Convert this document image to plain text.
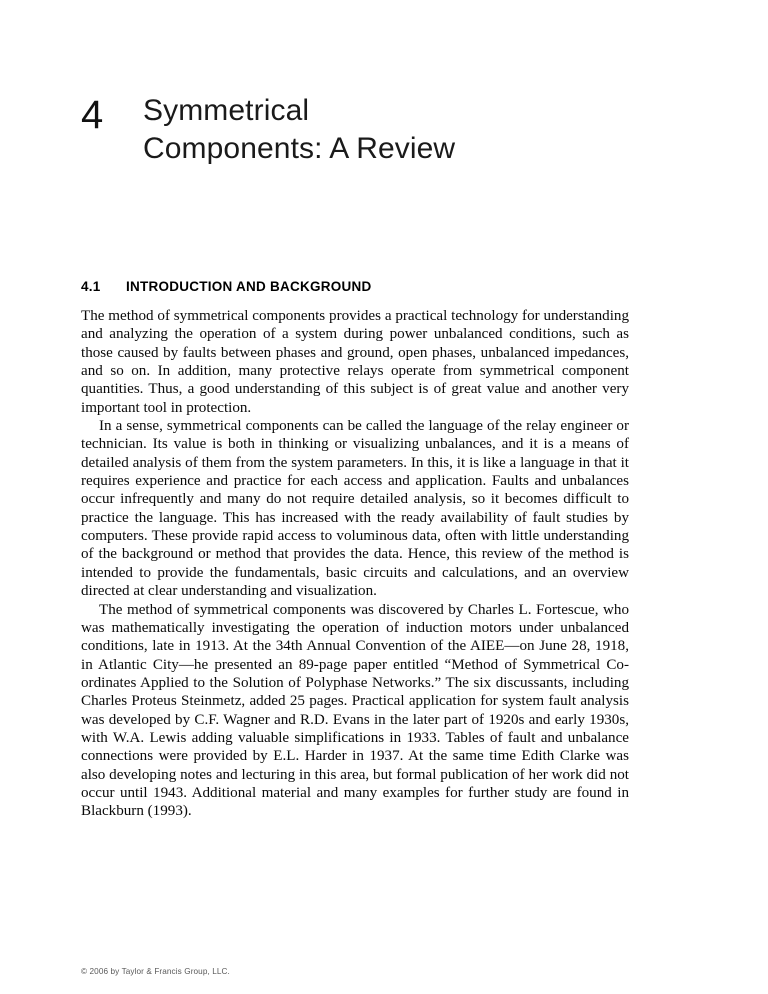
4	Symmetrical
Components: A Review
4.1 INTRODUCTION AND BACKGROUND

The method of symmetrical components provides a practical technology for understanding and analyzing the operation of a system during power unbalanced conditions, such as those caused by faults between phases and ground, open phases, unbalanced impedances, and so on. In addition, many protective relays operate from symmetrical component quantities. Thus, a good understanding of this subject is of great value and another very important tool in protection.

In a sense, symmetrical components can be called the language of the relay engineer or technician. Its value is both in thinking or visualizing unbalances, and it is a means of detailed analysis of them from the system parameters. In this, it is like a language in that it requires experience and practice for each access and application. Faults and unbalances occur infrequently and many do not require detailed analysis, so it becomes difficult to practice the language. This has increased with the ready availability of fault studies by computers. These provide rapid access to voluminous data, often with little understanding of the background or method that provides the data. Hence, this review of the method is intended to provide the fundamentals, basic circuits and calculations, and an overview directed at clear understanding and visualization.

The method of symmetrical components was discovered by Charles L. Fortescue, who was mathematically investigating the operation of induction motors under unbalanced conditions, late in 1913. At the 34th Annual Convention of the AIEE—on June 28, 1918, in Atlantic City—he presented an 89-page paper entitled “Method of Symmetrical Co-ordinates Applied to the Solution of Polyphase Networks.” The six discussants, including Charles Proteus Steinmetz, added 25 pages. Practical application for system fault analysis was developed by C.F. Wagner and R.D. Evans in the later part of 1920s and early 1930s, with W.A. Lewis adding valuable simplifications in 1933. Tables of fault and unbalance connections were provided by E.L. Harder in 1937. At the same time Edith Clarke was also developing notes and lecturing in this area, but formal publication of her work did not occur until 1943. Additional material and many examples for further study are found in Blackburn (1993).

© 2006 by Taylor & Francis Group, LLC.
